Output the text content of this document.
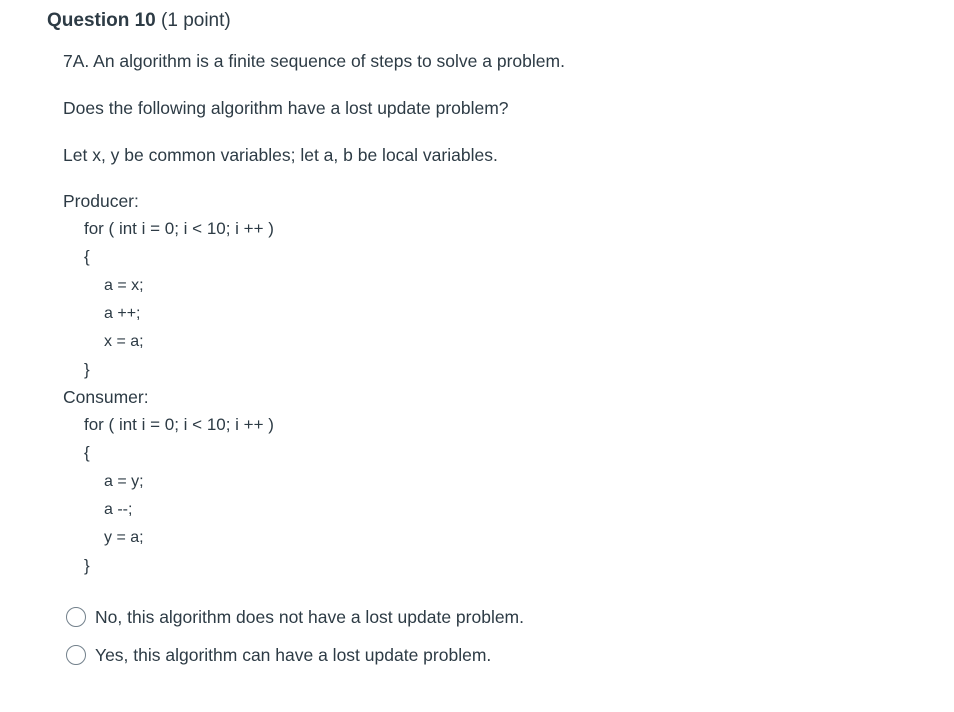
Question 10 (1 point)
7A. An algorithm is a finite sequence of steps to solve a problem.
Does the following algorithm have a lost update problem?
Let x, y be common variables; let a, b be local variables.
Producer:
for ( int i = 0; i < 10; i ++ )
{
a = x;
a ++;
x = a;
}
Consumer:
for ( int i = 0; i < 10; i ++ )
{
a = y;
a --;
y = a;
}
No, this algorithm does not have a lost update problem.
Yes, this algorithm can have a lost update problem.
